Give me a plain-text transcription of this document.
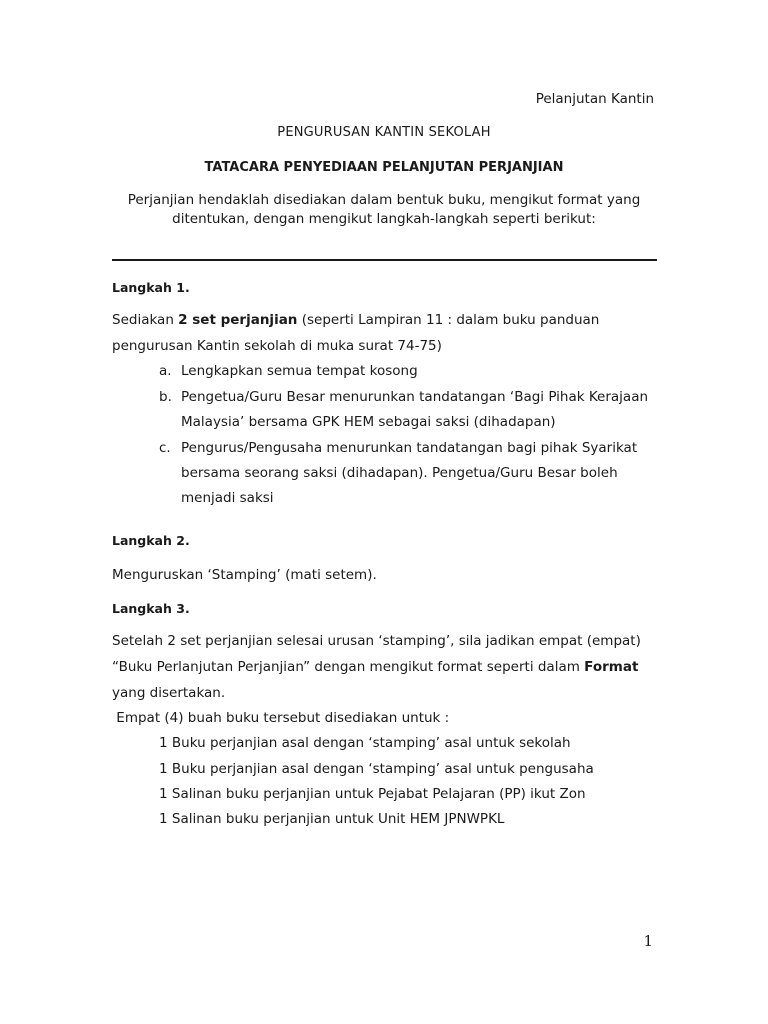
Pelanjutan Kantin
PENGURUSAN KANTIN SEKOLAH
TATACARA PENYEDIAAN PELANJUTAN PERJANJIAN
Perjanjian hendaklah disediakan dalam bentuk buku, mengikut format yang
ditentukan, dengan mengikut langkah-langkah seperti berikut:
Langkah 1.
Sediakan 2 set perjanjian (seperti Lampiran 11 : dalam buku panduan
pengurusan Kantin sekolah di muka surat 74-75)
a. Lengkapkan semua tempat kosong
b. Pengetua/Guru Besar menurunkan tandatangan ‘Bagi Pihak Kerajaan
Malaysia’ bersama GPK HEM sebagai saksi (dihadapan)
c. Pengurus/Pengusaha menurunkan tandatangan bagi pihak Syarikat
bersama seorang saksi (dihadapan). Pengetua/Guru Besar boleh
menjadi saksi
Langkah 2.
Menguruskan ‘Stamping’ (mati setem).
Langkah 3.
Setelah 2 set perjanjian selesai urusan ‘stamping’, sila jadikan empat (empat)
“Buku Perlanjutan Perjanjian” dengan mengikut format seperti dalam Format
yang disertakan.
Empat (4) buah buku tersebut disediakan untuk :
1 Buku perjanjian asal dengan ‘stamping’ asal untuk sekolah
1 Buku perjanjian asal dengan ‘stamping’ asal untuk pengusaha
1 Salinan buku perjanjian untuk Pejabat Pelajaran (PP) ikut Zon
1 Salinan buku perjanjian untuk Unit HEM JPNWPKL
1
